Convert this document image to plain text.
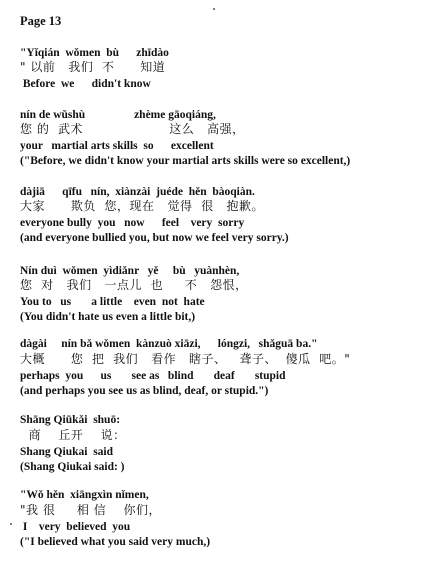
Page 13
"Yǐqián  wǒmen  bù      zhīdào
" 以前   我们  不      知道
Before  we      didn't know
nín de wǔshù                 zhème gāoqiáng,
您 的  武术                    这么   高强，
your   martial arts skills  so      excellent
("Before, we didn't know your martial arts skills were so excellent,)
dàjiā      qīfu   nín,  xiànzài  juéde  hěn  bàoqiàn.
大家      欺负  您，现在   觉得  很   抱歉。
everyone bully  you   now      feel    very  sorry
(and everyone bullied you, but now we feel very sorry.)
Nín duì  wǒmen  yìdiǎnr   yě     bù   yuànhèn,
您  对   我们   一点儿  也     不   怨恨，
You to   us       a little    even  not  hate
(You didn't hate us even a little bit,)
dàgài     nín bǎ wǒmen  kànzuò xiāzi,      lóngzi,   shǎguā ba."
大概      您  把  我们   看作   瞎子、   聋子、  傻瓜  吧。"
perhaps  you      us       see as   blind       deaf       stupid
(and perhaps you see us as blind, deaf, or stupid.")
Shāng Qiūkǎi  shuō:
商    丘开    说：
Shang Qiukai  said
(Shang Qiukai said: )
"Wǒ hěn  xiāngxìn nǐmen,
"我 很     相 信    你们，
I    very  believed  you
("I believed what you said very much,)
